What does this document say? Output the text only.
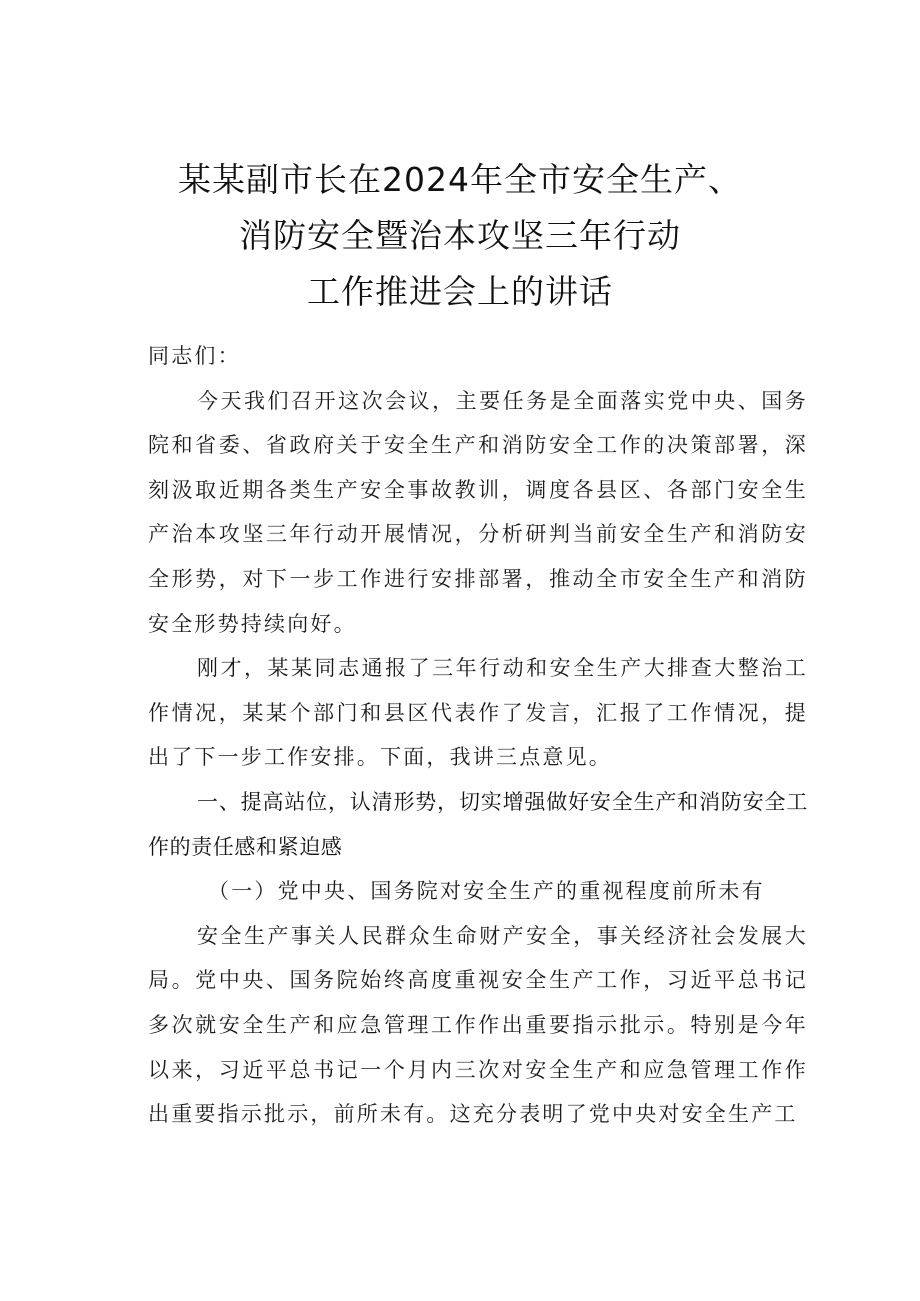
某某副市长在2024年全市安全生产、
消防安全暨治本攻坚三年行动
工作推进会上的讲话

同志们：

今天我们召开这次会议，主要任务是全面落实党中央、国务院和省委、省政府关于安全生产和消防安全工作的决策部署，深刻汲取近期各类生产安全事故教训，调度各县区、各部门安全生产治本攻坚三年行动开展情况，分析研判当前安全生产和消防安全形势，对下一步工作进行安排部署，推动全市安全生产和消防安全形势持续向好。

刚才，某某同志通报了三年行动和安全生产大排查大整治工作情况，某某个部门和县区代表作了发言，汇报了工作情况，提出了下一步工作安排。下面，我讲三点意见。

一、提高站位，认清形势，切实增强做好安全生产和消防安全工作的责任感和紧迫感

（一）党中央、国务院对安全生产的重视程度前所未有

安全生产事关人民群众生命财产安全，事关经济社会发展大局。党中央、国务院始终高度重视安全生产工作，习近平总书记多次就安全生产和应急管理工作作出重要指示批示。特别是今年以来，习近平总书记一个月内三次对安全生产和应急管理工作作出重要指示批示，前所未有。这充分表明了党中央对安全生产工
